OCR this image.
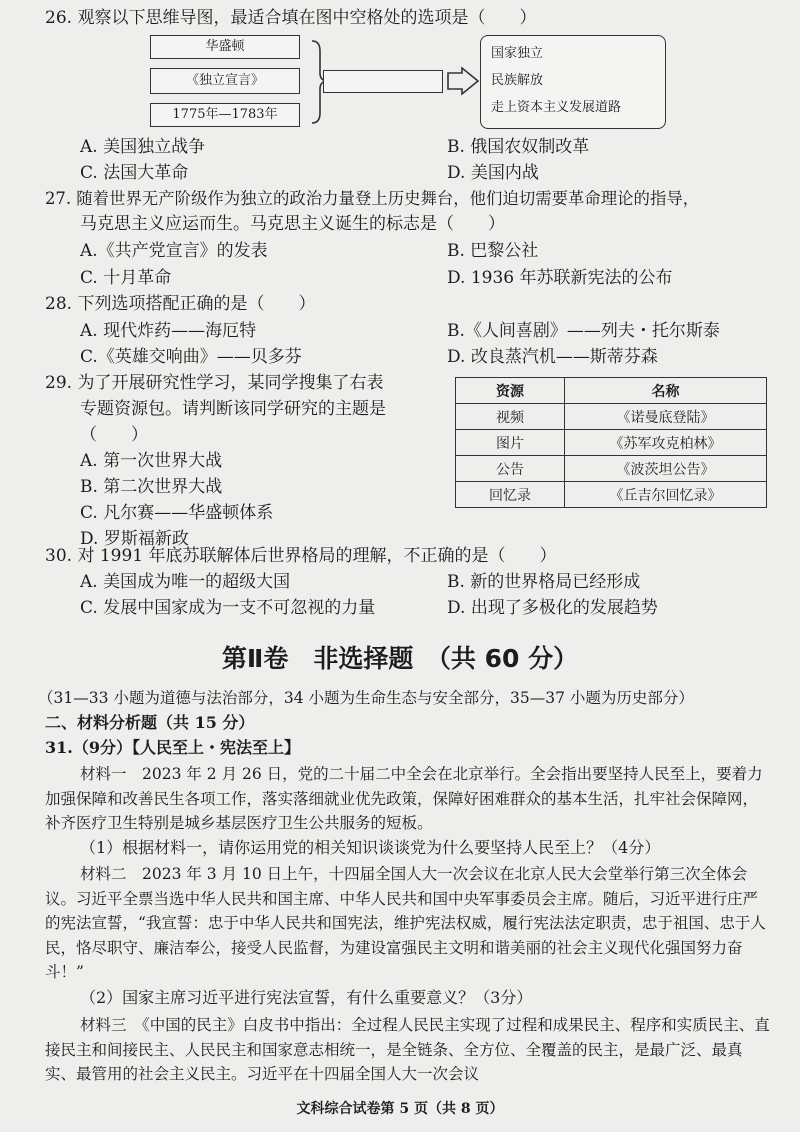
26. 观察以下思维导图，最适合填在图中空格处的选项是（　　）
华盛顿
《独立宣言》
1775年—1783年
国家独立
民族解放
走上资本主义发展道路
A. 美国独立战争	B. 俄国农奴制改革
C. 法国大革命	D. 美国内战
27. 随着世界无产阶级作为独立的政治力量登上历史舞台，他们迫切需要革命理论的指导，
马克思主义应运而生。马克思主义诞生的标志是（　　）
A.《共产党宣言》的发表	B. 巴黎公社
C. 十月革命	D. 1936 年苏联新宪法的公布
28. 下列选项搭配正确的是（　　）
A. 现代炸药——海厄特	B.《人间喜剧》——列夫・托尔斯泰
C.《英雄交响曲》——贝多芬	D. 改良蒸汽机——斯蒂芬森
29. 为了开展研究性学习，某同学搜集了右表
专题资源包。请判断该同学研究的主题是
（　　）
A. 第一次世界大战
B. 第二次世界大战
C. 凡尔赛——华盛顿体系
D. 罗斯福新政
资源	名称
视频	《诺曼底登陆》
图片	《苏军攻克柏林》
公告	《波茨坦公告》
回忆录	《丘吉尔回忆录》
30. 对 1991 年底苏联解体后世界格局的理解，不正确的是（　　）
A. 美国成为唯一的超级大国	B. 新的世界格局已经形成
C. 发展中国家成为一支不可忽视的力量	D. 出现了多极化的发展趋势
第Ⅱ卷　非选择题　（共 60 分）
（31—33 小题为道德与法治部分，34 小题为生命生态与安全部分，35—37 小题为历史部分）
二、材料分析题（共 15 分）
31.（9分）【人民至上・宪法至上】
材料一　2023 年 2 月 26 日，党的二十届二中全会在北京举行。全会指出要坚持人民至上，要着力加强保障和改善民生各项工作，落实落细就业优先政策，保障好困难群众的基本生活，扎牢社会保障网，补齐医疗卫生特别是城乡基层医疗卫生公共服务的短板。
（1）根据材料一，请你运用党的相关知识谈谈党为什么要坚持人民至上？（4分）
材料二　2023 年 3 月 10 日上午，十四届全国人大一次会议在北京人民大会堂举行第三次全体会议。习近平全票当选中华人民共和国主席、中华人民共和国中央军事委员会主席。随后，习近平进行庄严的宪法宣誓，“我宣誓：忠于中华人民共和国宪法，维护宪法权威，履行宪法法定职责，忠于祖国、忠于人民，恪尽职守、廉洁奉公，接受人民监督，为建设富强民主文明和谐美丽的社会主义现代化强国努力奋斗！”
（2）国家主席习近平进行宪法宣誓，有什么重要意义？（3分）
材料三　《中国的民主》白皮书中指出：全过程人民民主实现了过程和成果民主、程序和实质民主、直接民主和间接民主、人民民主和国家意志相统一，是全链条、全方位、全覆盖的民主，是最广泛、最真实、最管用的社会主义民主。习近平在十四届全国人大一次会议
文科综合试卷第 5 页（共 8 页）
